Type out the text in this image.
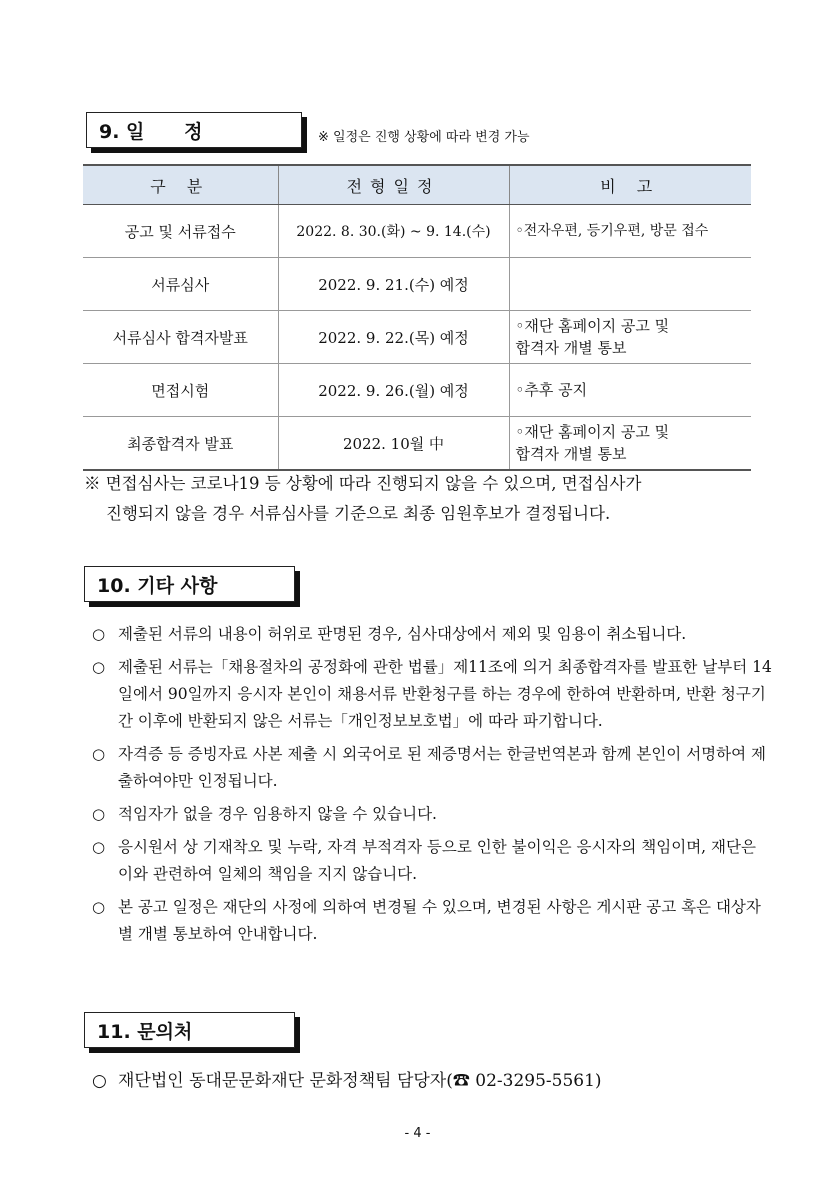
9. 일      정	※ 일정은 진행 상황에 따라 변경 가능
구 분	전형일정	비 고
공고 및 서류접수	2022. 8. 30.(화) ~ 9. 14.(수)	◦전자우편, 등기우편, 방문 접수
서류심사	2022. 9. 21.(수) 예정	
서류심사 합격자발표	2022. 9. 22.(목) 예정	◦재단 홈페이지 공고 및
합격자 개별 통보
면접시험	2022. 9. 26.(월) 예정	◦추후 공지
최종합격자 발표	2022. 10월 中	◦재단 홈페이지 공고 및
합격자 개별 통보
※ 면접심사는 코로나19 등 상황에 따라 진행되지 않을 수 있으며, 면접심사가
진행되지 않을 경우 서류심사를 기준으로 최종 임원후보가 결정됩니다.
10. 기타 사항
○ 제출된 서류의 내용이 허위로 판명된 경우, 심사대상에서 제외 및 임용이 취소됩니다.
○ 제출된 서류는「채용절차의 공정화에 관한 법률」제11조에 의거 최종합격자를 발표한 날부터 14일에서 90일까지 응시자 본인이 채용서류 반환청구를 하는 경우에 한하여 반환하며, 반환 청구기간 이후에 반환되지 않은 서류는「개인정보보호법」에 따라 파기합니다.
○ 자격증 등 증빙자료 사본 제출 시 외국어로 된 제증명서는 한글번역본과 함께 본인이 서명하여 제출하여야만 인정됩니다.
○ 적임자가 없을 경우 임용하지 않을 수 있습니다.
○ 응시원서 상 기재착오 및 누락, 자격 부적격자 등으로 인한 불이익은 응시자의 책임이며, 재단은 이와 관련하여 일체의 책임을 지지 않습니다.
○ 본 공고 일정은 재단의 사정에 의하여 변경될 수 있으며, 변경된 사항은 게시판 공고 혹은 대상자별 개별 통보하여 안내합니다.
11. 문의처
○ 재단법인 동대문문화재단 문화정책팀 담당자(☎ 02-3295-5561)
- 4 -
